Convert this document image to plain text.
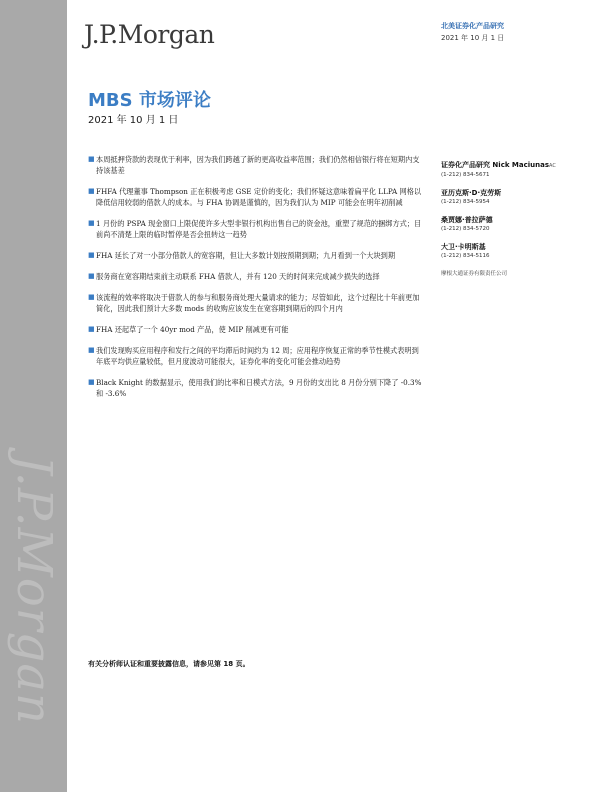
J.P.Morgan
J.P.Morgan	北美证券化产品研究
2021 年 10 月 1 日
MBS 市场评论
2021 年 10 月 1 日
■ 本周抵押贷款的表现优于利率，因为我们跨越了新的更高收益率范围；我们仍然相信银行将在短期内支持该基差
■ FHFA 代理董事 Thompson 正在积极考虑 GSE 定价的变化；我们怀疑这意味着扁平化 LLPA 网格以降低信用较弱的借款人的成本。与 FHA 协调是谨慎的，因为我们认为 MIP 可能会在明年初削减
■ 1 月份的 PSPA 现金窗口上限促使许多大型非银行机构出售自己的资金池，重塑了规范的捆绑方式；目前尚不清楚上限的临时暂停是否会扭转这一趋势
■ FHA 延长了对一小部分借款人的宽容期，但让大多数计划按预期到期；九月看到一个大块到期
■ 服务商在宽容期结束前主动联系 FHA 借款人，并有 120 天的时间来完成减少损失的选择
■ 该流程的效率将取决于借款人的参与和服务商处理大量请求的能力；尽管如此，这个过程比十年前更加简化，因此我们预计大多数 mods 的收购应该发生在宽容期到期后的四个月内
■ FHA 还起草了一个 40yr mod 产品，使 MIP 削减更有可能
■ 我们发现购买应用程序和发行之间的平均滞后时间约为 12 周；应用程序恢复正常的季节性模式表明到年底平均供应量较低，但月度波动可能很大，证券化率的变化可能会推动趋势
■ Black Knight 的数据显示，使用我们的比率和日模式方法，9 月份的支出比 8 月份分别下降了 -0.3% 和 -3.6%
证券化产品研究 Nick MaciunasAC
(1-212) 834-5671
亚历克斯·D·克劳斯
(1-212) 834-5954
桑贾娜·普拉萨德
(1-212) 834-5720
大卫·卡明斯基
(1-212) 834-5116
摩根大通证券有限责任公司
有关分析师认证和重要披露信息，请参见第 18 页。
